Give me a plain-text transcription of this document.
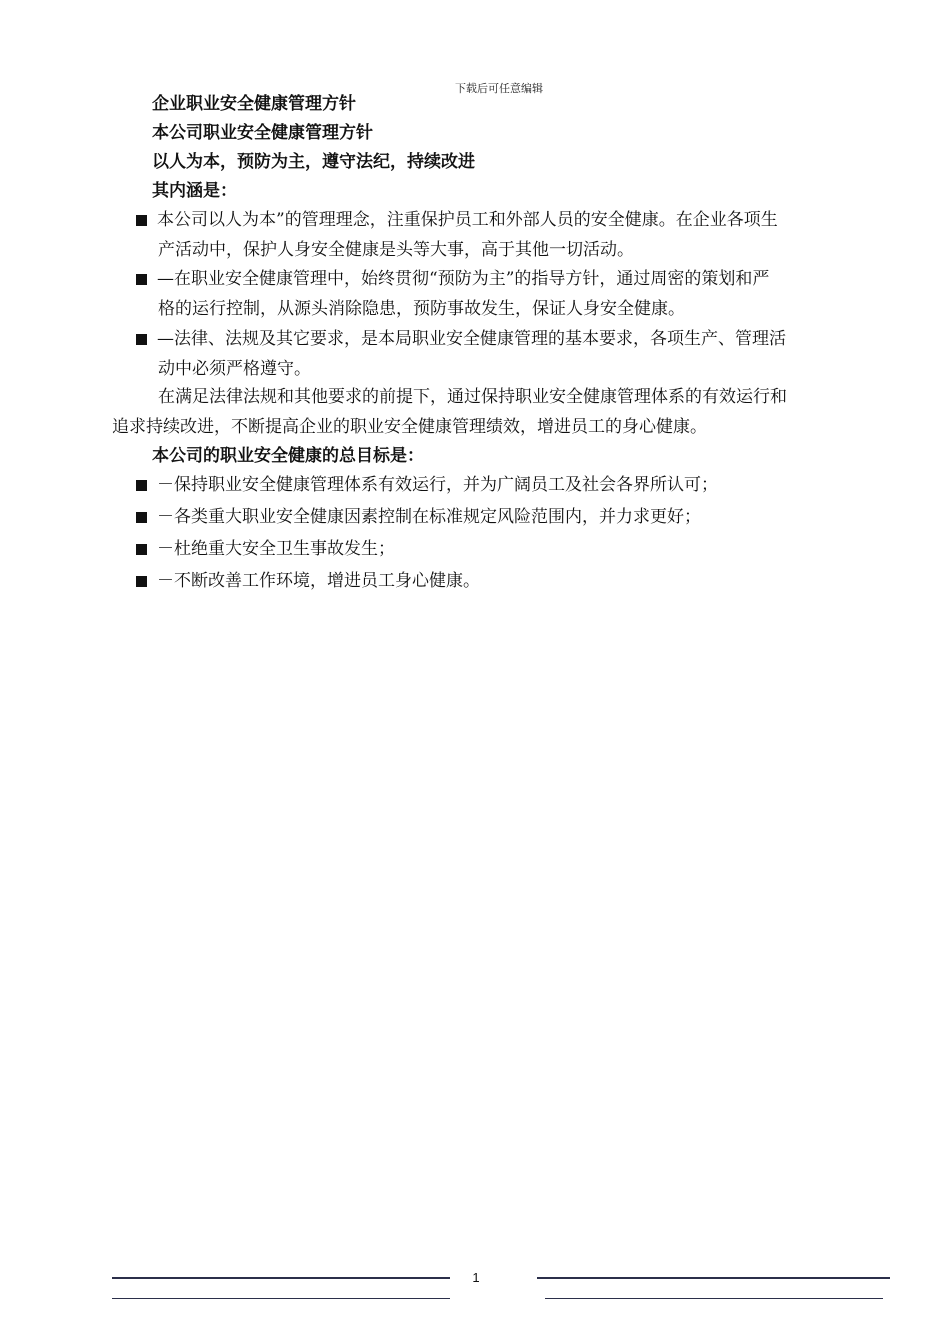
下载后可任意编辑
企业职业安全健康管理方针
本公司职业安全健康管理方针
以人为本，预防为主，遵守法纪，持续改进
其内涵是：
本公司以人为本”的管理理念，注重保护员工和外部人员的安全健康。在企业各项生
产活动中，保护人身安全健康是头等大事，高于其他一切活动。
—在职业安全健康管理中，始终贯彻“预防为主”的指导方针，通过周密的策划和严
格的运行控制，从源头消除隐患，预防事故发生，保证人身安全健康。
—法律、法规及其它要求，是本局职业安全健康管理的基本要求，各项生产、管理活
动中必须严格遵守。
在满足法律法规和其他要求的前提下，通过保持职业安全健康管理体系的有效运行和
追求持续改进，不断提高企业的职业安全健康管理绩效，增进员工的身心健康。
本公司的职业安全健康的总目标是：
－保持职业安全健康管理体系有效运行，并为广阔员工及社会各界所认可；
－各类重大职业安全健康因素控制在标准规定风险范围内，并力求更好；
－杜绝重大安全卫生事故发生；
－不断改善工作环境，增进员工身心健康。
1
